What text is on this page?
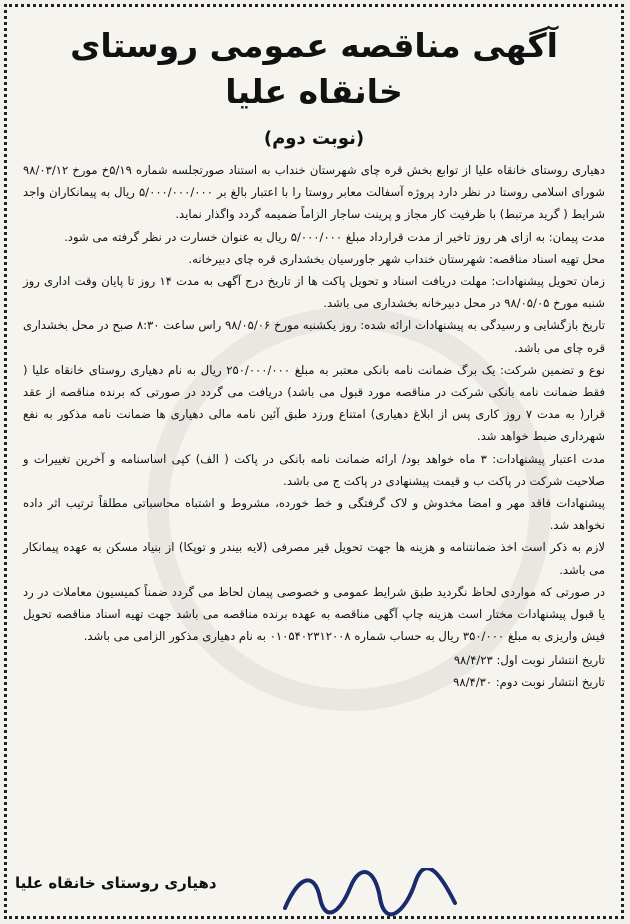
آگهی مناقصه عمومی روستای خانقاه علیا
(نوبت دوم)

دهیاری روستای خانقاه علیا از توابع بخش قره چای شهرستان خنداب به استناد صورتجلسه شماره ۵/۱۹خ مورخ ۹۸/۰۳/۱۲ شورای اسلامی روستا در نظر دارد پروژه آسفالت معابر روستا را با اعتبار بالغ بر ۵/۰۰۰/۰۰۰/۰۰۰ ریال به پیمانکاران واجد شرایط ( گرید مرتبط) با ظرفیت کار مجاز و پرینت ساجار الزاماً ضمیمه گردد واگذار نماید.

مدت پیمان: به ازای هر روز تاخیر از مدت قرارداد مبلغ ۵/۰۰۰/۰۰۰ ریال به عنوان خسارت در نظر گرفته می شود.

محل تهیه اسناد مناقصه: شهرستان خنداب شهر جاورسیان بخشداری قره چای دبیرخانه.

زمان تحویل پیشنهادات: مهلت دریافت اسناد و تحویل پاکت ها از تاریخ درج آگهی به مدت ۱۴ روز تا پایان وقت اداری روز شنبه مورخ ۹۸/۰۵/۰۵ در محل دبیرخانه بخشداری می باشد.

تاریخ بازگشایی و رسیدگی به پیشنهادات ارائه شده: روز یکشنبه مورخ ۹۸/۰۵/۰۶ راس ساعت ۸:۳۰ صبح در محل بخشداری قره چای می باشد.

نوع و تضمین شرکت: یک برگ ضمانت نامه بانکی معتبر به مبلغ ۲۵۰/۰۰۰/۰۰۰ ریال به نام دهیاری روستای خانقاه علیا ( فقط ضمانت نامه بانکی شرکت در مناقصه مورد قبول می باشد) دریافت می گردد در صورتی که برنده مناقصه از عقد قرار( به مدت ۷ روز کاری پس از ابلاغ دهیاری) امتناع ورزد طبق آئین نامه مالی دهیاری ها ضمانت نامه مذکور به نفع شهرداری ضبط خواهد شد.

مدت اعتبار پیشنهادات: ۳ ماه خواهد بود/ ارائه ضمانت نامه بانکی در پاکت ( الف) کپی اساسنامه و آخرین تغییرات و صلاحیت شرکت در پاکت ب و قیمت پیشنهادی در پاکت ج می باشد.

پیشنهادات فاقد مهر و امضا مخدوش و لاک گرفتگی و خط خورده، مشروط و اشتباه محاسباتی مطلقاً ترتیب اثر داده نخواهد شد.

لازم به ذکر است اخذ ضمانتنامه و هزینه ها جهت تحویل قیر مصرفی (لایه بیندر و توپکا) از بنیاد مسکن به عهده پیمانکار می باشد.

در صورتی که مواردی لحاظ نگردید طبق شرایط عمومی و خصوصی پیمان لحاظ می گردد ضمناً کمیسیون معاملات در رد یا قبول پیشنهادات مختار است هزینه چاپ آگهی مناقصه به عهده برنده مناقصه می باشد جهت تهیه اسناد مناقصه تحویل فیش واریزی به مبلغ ۳۵۰/۰۰۰ ریال به حساب شماره ۰۱۰۵۴۰۲۳۱۲۰۰۸ به نام دهیاری مذکور الزامی می باشد.

تاریخ انتشار نوبت اول: ۹۸/۴/۲۳
تاریخ انتشار نوبت دوم: ۹۸/۴/۳۰
دهیاری روستای خانقاه علیا
